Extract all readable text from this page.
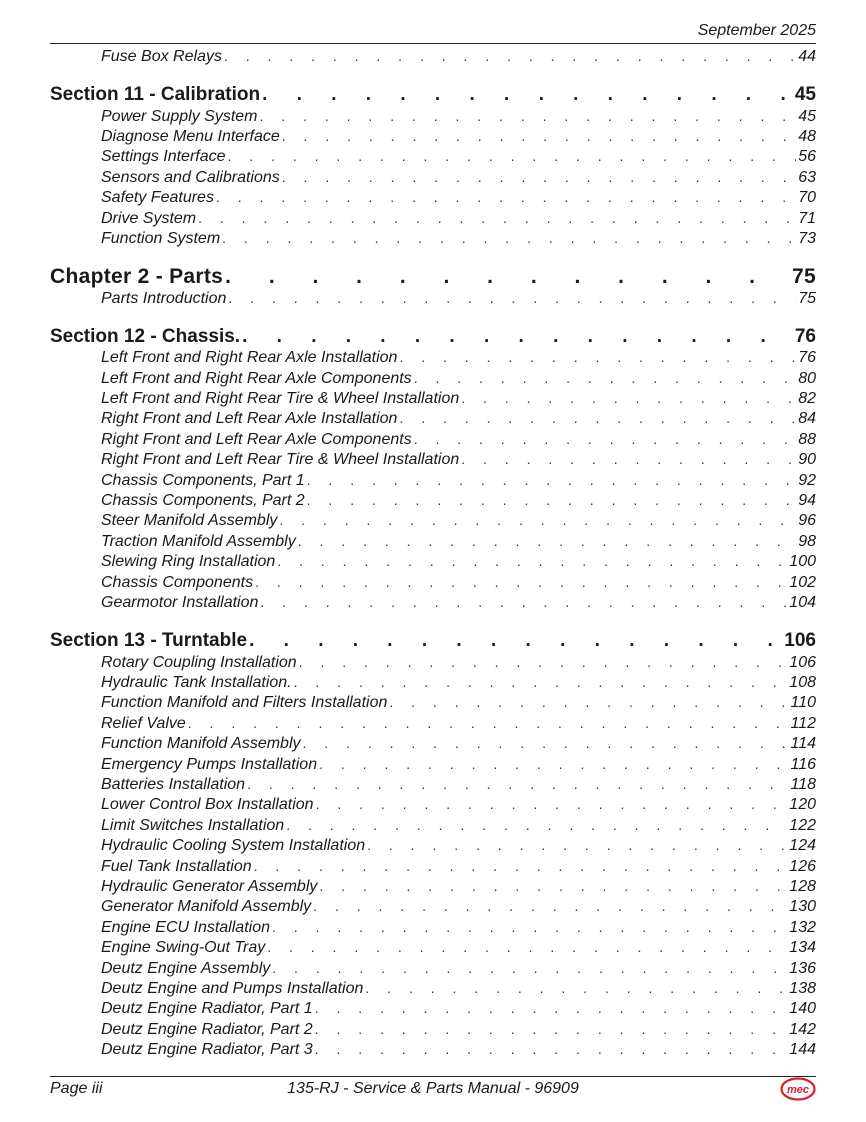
September 2025
Fuse Box Relays . . .	44
Section 11 - Calibration . . .	45
Power Supply System . . .	45
Diagnose Menu Interface . . .	48
Settings Interface . . .	56
Sensors and Calibrations . . .	63
Safety Features . . .	70
Drive System . . .	71
Function System . . .	73
Chapter 2 - Parts . . .	75
Parts Introduction . . .	75
Section 12 - Chassis. . . .	76
Left Front and Right Rear Axle Installation . . .	76
Left Front and Right Rear Axle Components . . .	80
Left Front and Right Rear Tire & Wheel Installation . . .	82
Right Front and Left Rear Axle Installation . . .	84
Right Front and Left Rear Axle Components . . .	88
Right Front and Left Rear Tire & Wheel Installation . . .	90
Chassis Components, Part 1 . . .	92
Chassis Components, Part 2 . . .	94
Steer Manifold Assembly . . .	96
Traction Manifold Assembly . . .	98
Slewing Ring Installation . . .	100
Chassis Components . . .	102
Gearmotor Installation . . .	104
Section 13 - Turntable . . .	106
Rotary Coupling Installation . . .	106
Hydraulic Tank Installation. . . .	108
Function Manifold and Filters Installation . . .	110
Relief Valve . . .	112
Function Manifold Assembly . . .	114
Emergency Pumps Installation . . .	116
Batteries Installation . . .	118
Lower Control Box Installation . . .	120
Limit Switches Installation . . .	122
Hydraulic Cooling System Installation . . .	124
Fuel Tank Installation . . .	126
Hydraulic Generator Assembly . . .	128
Generator Manifold Assembly . . .	130
Engine ECU Installation . . .	132
Engine Swing-Out Tray . . .	134
Deutz Engine Assembly . . .	136
Deutz Engine and Pumps Installation . . .	138
Deutz Engine Radiator, Part 1 . . .	140
Deutz Engine Radiator, Part 2 . . .	142
Deutz Engine Radiator, Part 3 . . .	144
Page iii	135-RJ - Service & Parts Manual - 96909	mec
